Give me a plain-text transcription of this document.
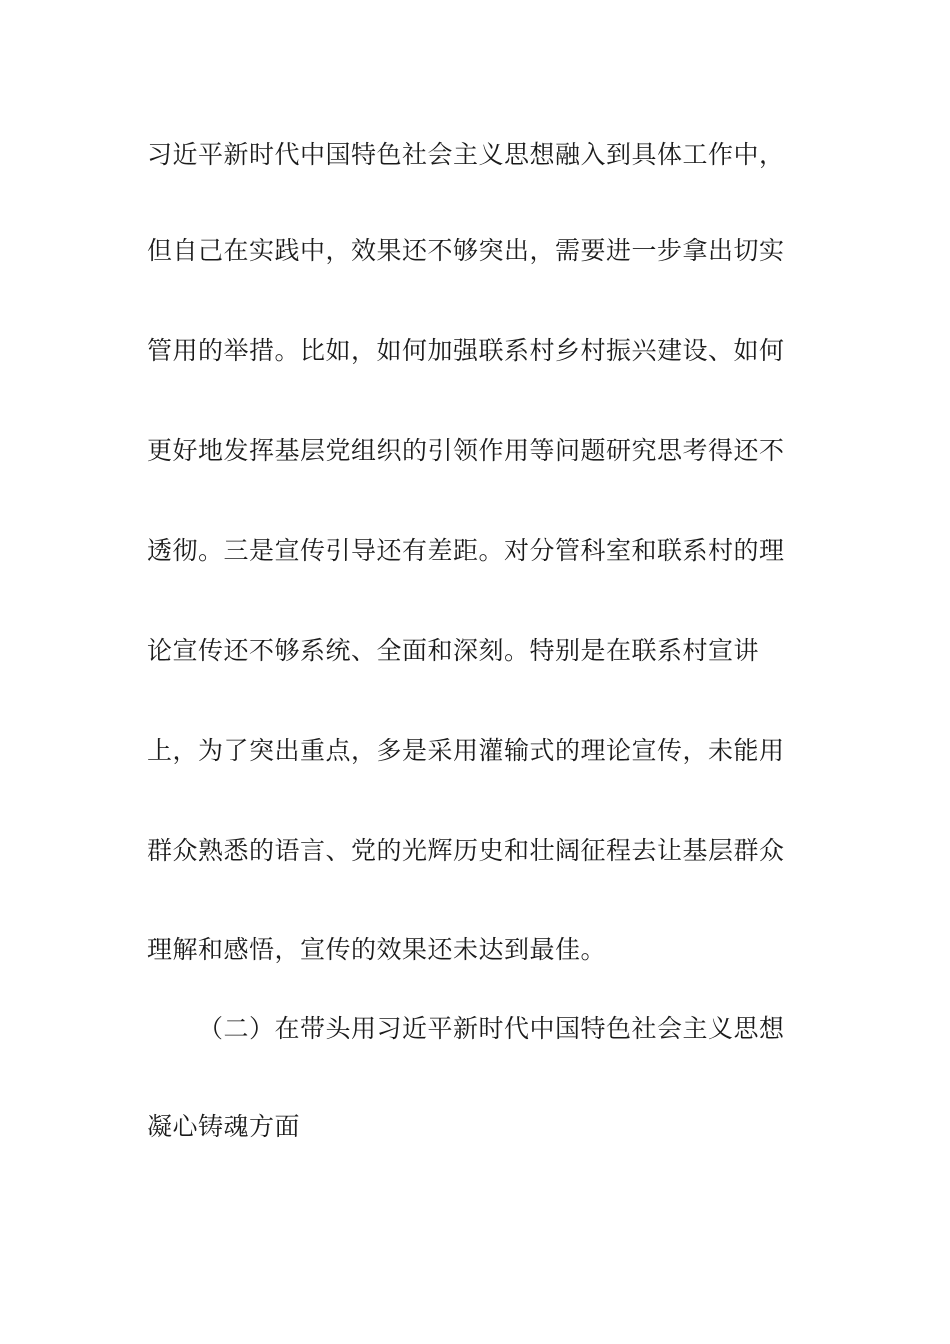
习近平新时代中国特色社会主义思想融入到具体工作中，
但自己在实践中，效果还不够突出，需要进一步拿出切实
管用的举措。比如，如何加强联系村乡村振兴建设、如何
更好地发挥基层党组织的引领作用等问题研究思考得还不
透彻。三是宣传引导还有差距。对分管科室和联系村的理
论宣传还不够系统、全面和深刻。特别是在联系村宣讲
上，为了突出重点，多是采用灌输式的理论宣传，未能用
群众熟悉的语言、党的光辉历史和壮阔征程去让基层群众
理解和感悟，宣传的效果还未达到最佳。
（二）在带头用习近平新时代中国特色社会主义思想
凝心铸魂方面
